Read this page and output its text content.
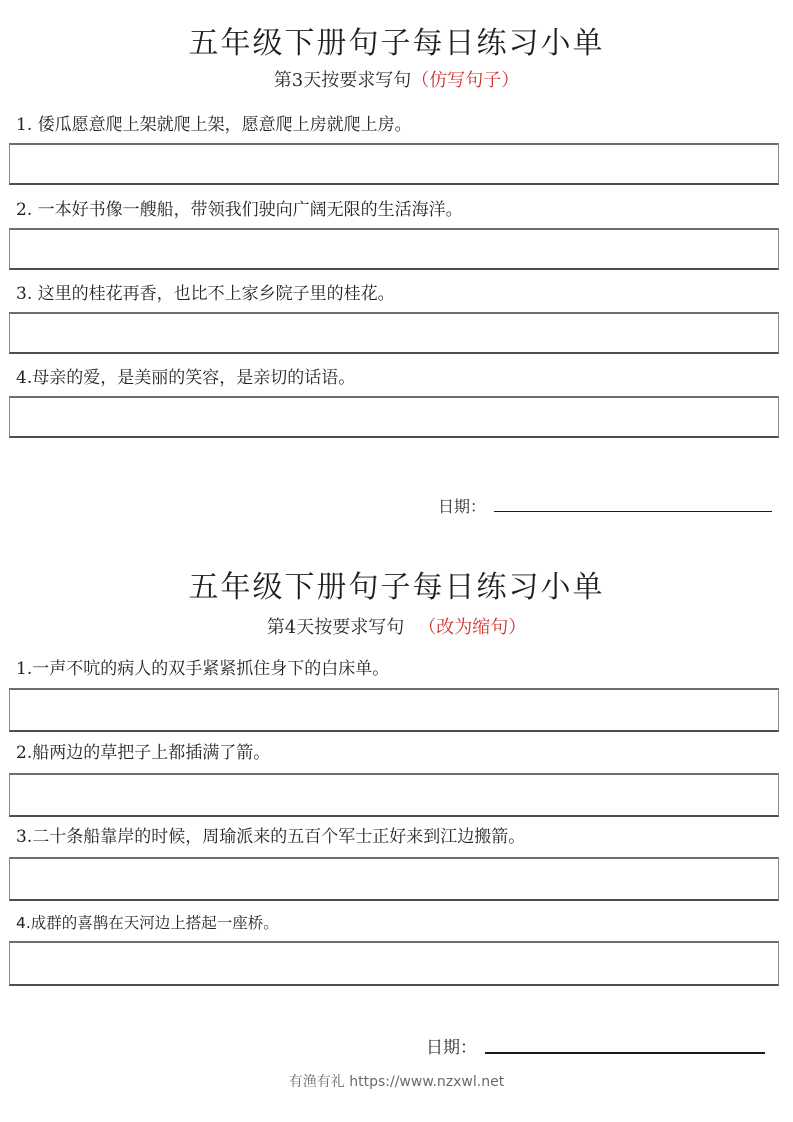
五年级下册句子每日练习小单
第3天按要求写句（仿写句子）
1. 倭瓜愿意爬上架就爬上架，愿意爬上房就爬上房。
2. 一本好书像一艘船，带领我们驶向广阔无限的生活海洋。
3. 这里的桂花再香，也比不上家乡院子里的桂花。
4.母亲的爱，是美丽的笑容，是亲切的话语。
日期：
五年级下册句子每日练习小单
第4天按要求写句 （改为缩句）
1.一声不吭的病人的双手紧紧抓住身下的白床单。
2.船两边的草把子上都插满了箭。
3.二十条船靠岸的时候，周瑜派来的五百个军士正好来到江边搬箭。
4.成群的喜鹊在天河边上搭起一座桥。
日期：
有渔有礼 https://www.nzxwl.net
